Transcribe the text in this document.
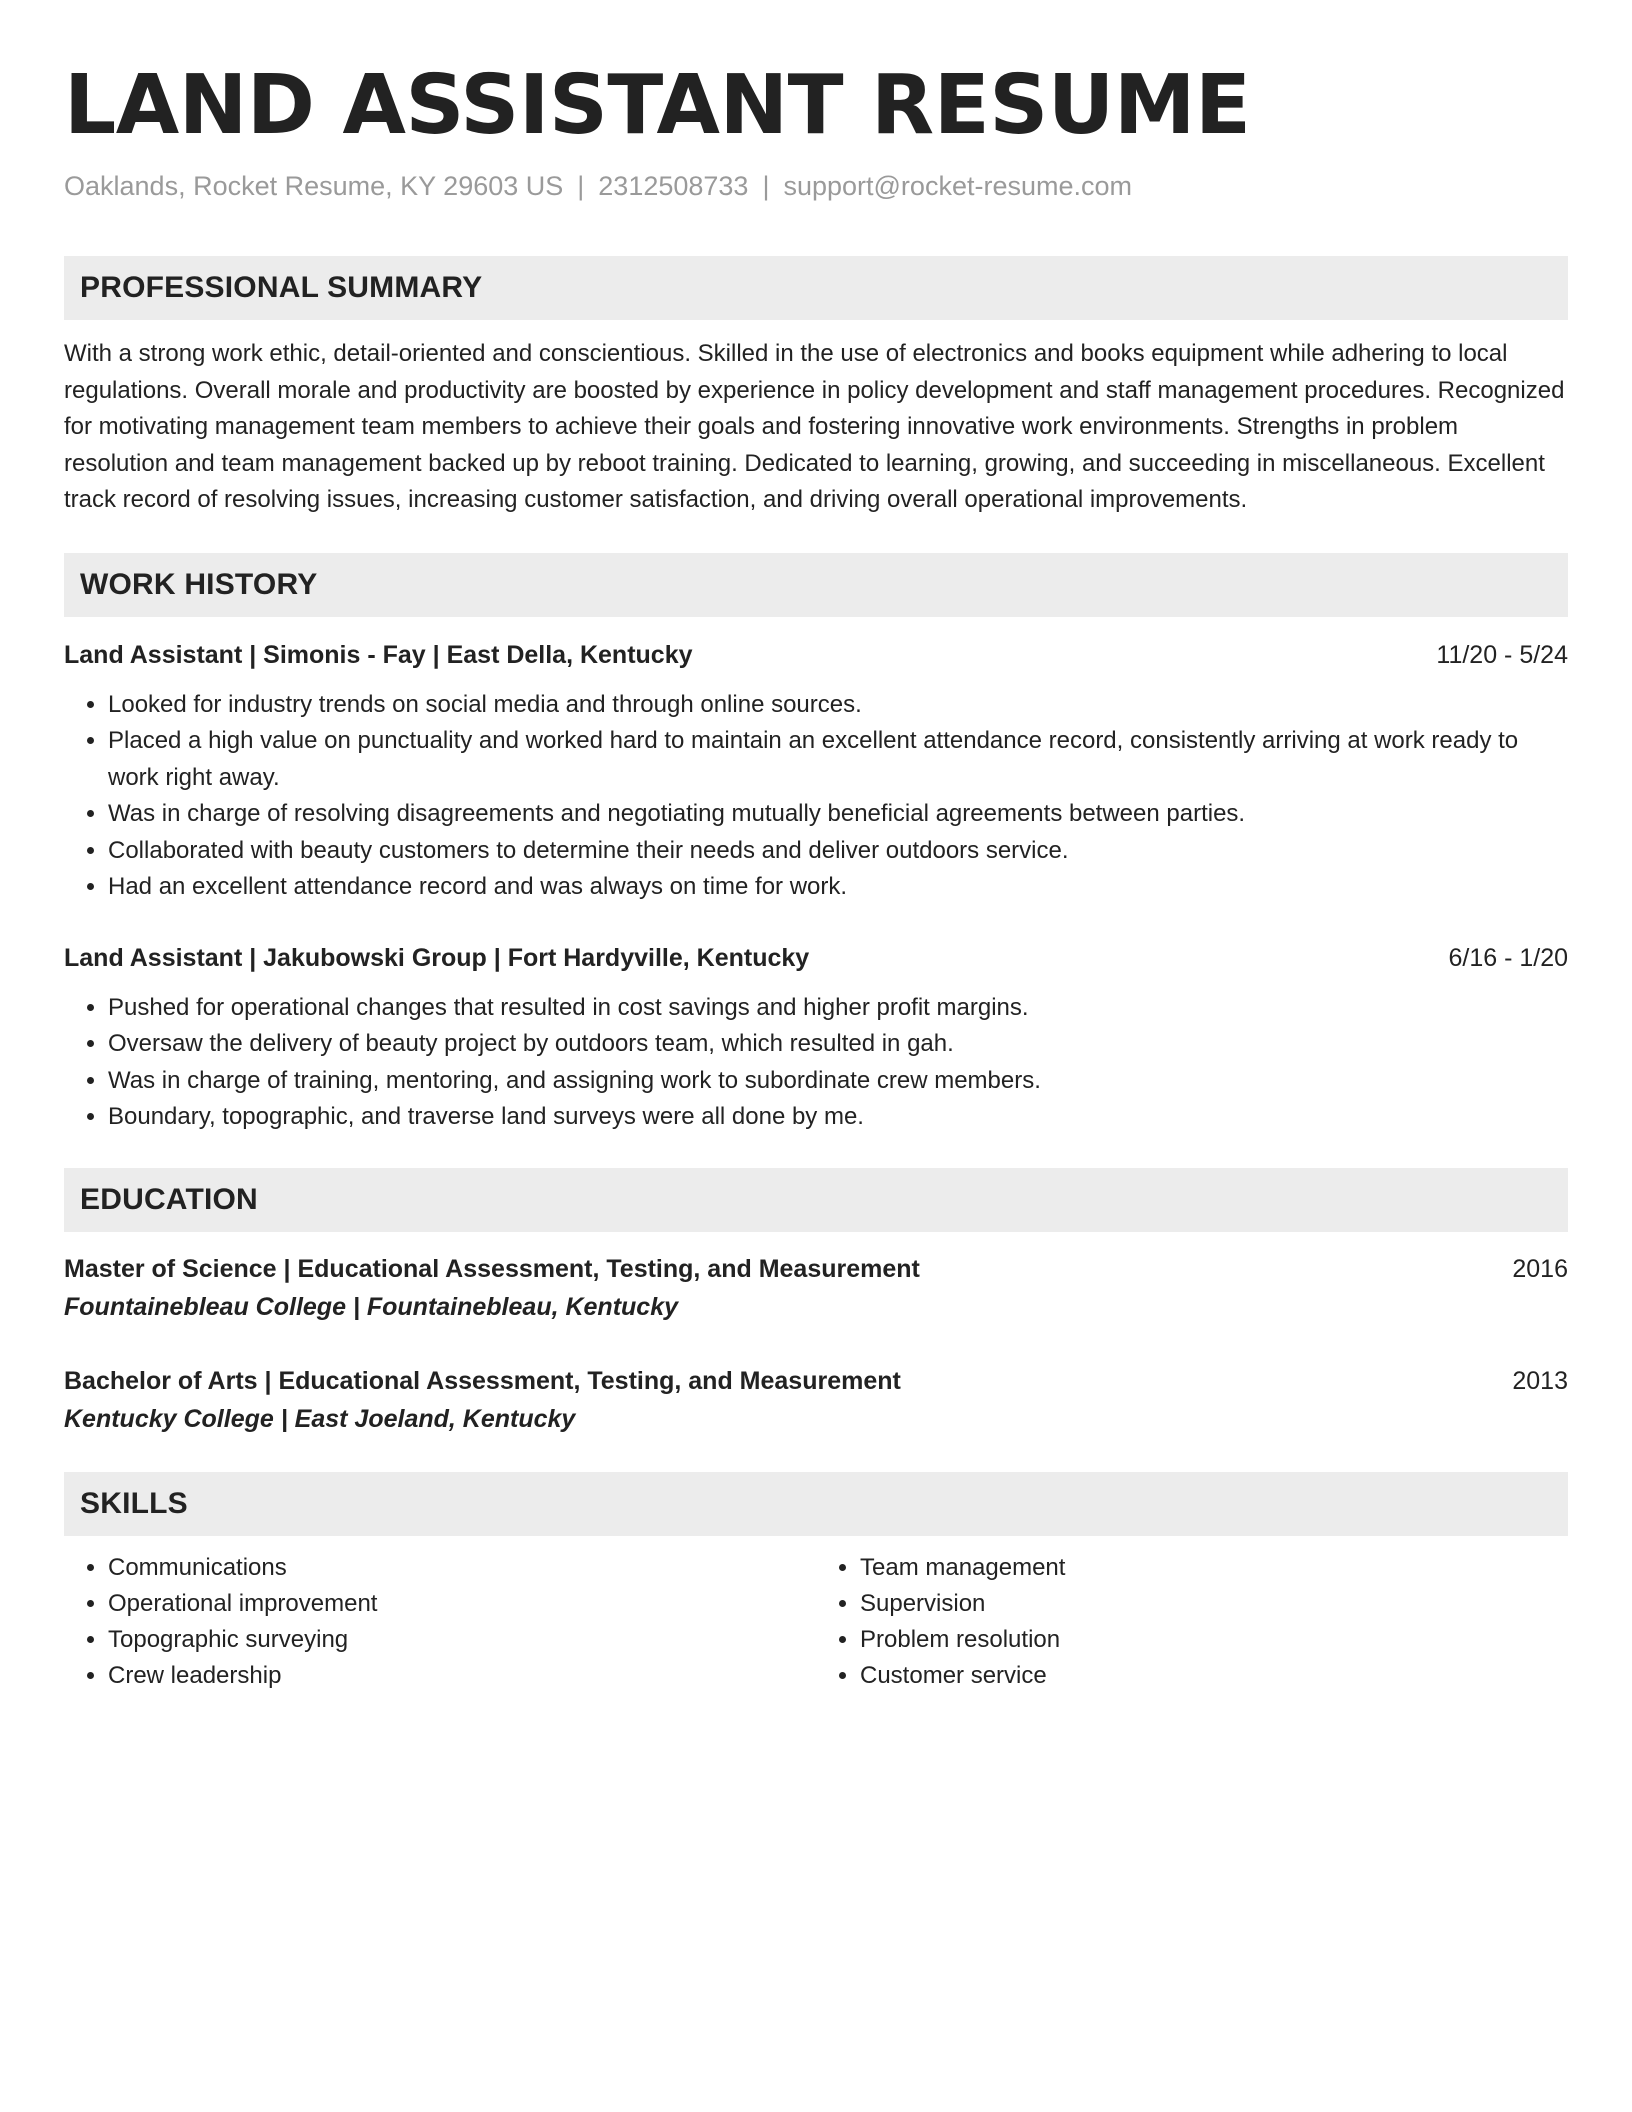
LAND ASSISTANT RESUME
Oaklands, Rocket Resume, KY 29603 US | 2312508733 | support@rocket-resume.com
PROFESSIONAL SUMMARY

With a strong work ethic, detail-oriented and conscientious. Skilled in the use of electronics and books equipment while adhering to local regulations. Overall morale and productivity are boosted by experience in policy development and staff management procedures. Recognized for motivating management team members to achieve their goals and fostering innovative work environments. Strengths in problem resolution and team management backed up by reboot training. Dedicated to learning, growing, and succeeding in miscellaneous. Excellent track record of resolving issues, increasing customer satisfaction, and driving overall operational improvements.

WORK HISTORY
Land Assistant | Simonis - Fay | East Della, Kentucky	11/20 - 5/24
• Looked for industry trends on social media and through online sources.
• Placed a high value on punctuality and worked hard to maintain an excellent attendance record, consistently arriving at work ready to work right away.
• Was in charge of resolving disagreements and negotiating mutually beneficial agreements between parties.
• Collaborated with beauty customers to determine their needs and deliver outdoors service.
• Had an excellent attendance record and was always on time for work.
Land Assistant | Jakubowski Group | Fort Hardyville, Kentucky	6/16 - 1/20
• Pushed for operational changes that resulted in cost savings and higher profit margins.
• Oversaw the delivery of beauty project by outdoors team, which resulted in gah.
• Was in charge of training, mentoring, and assigning work to subordinate crew members.
• Boundary, topographic, and traverse land surveys were all done by me.
EDUCATION
Master of Science | Educational Assessment, Testing, and Measurement	2016
Fountainebleau College | Fountainebleau, Kentucky
Bachelor of Arts | Educational Assessment, Testing, and Measurement	2013
Kentucky College | East Joeland, Kentucky
SKILLS
• Communications
• Operational improvement
• Topographic surveying
• Crew leadership
• Team management
• Supervision
• Problem resolution
• Customer service
